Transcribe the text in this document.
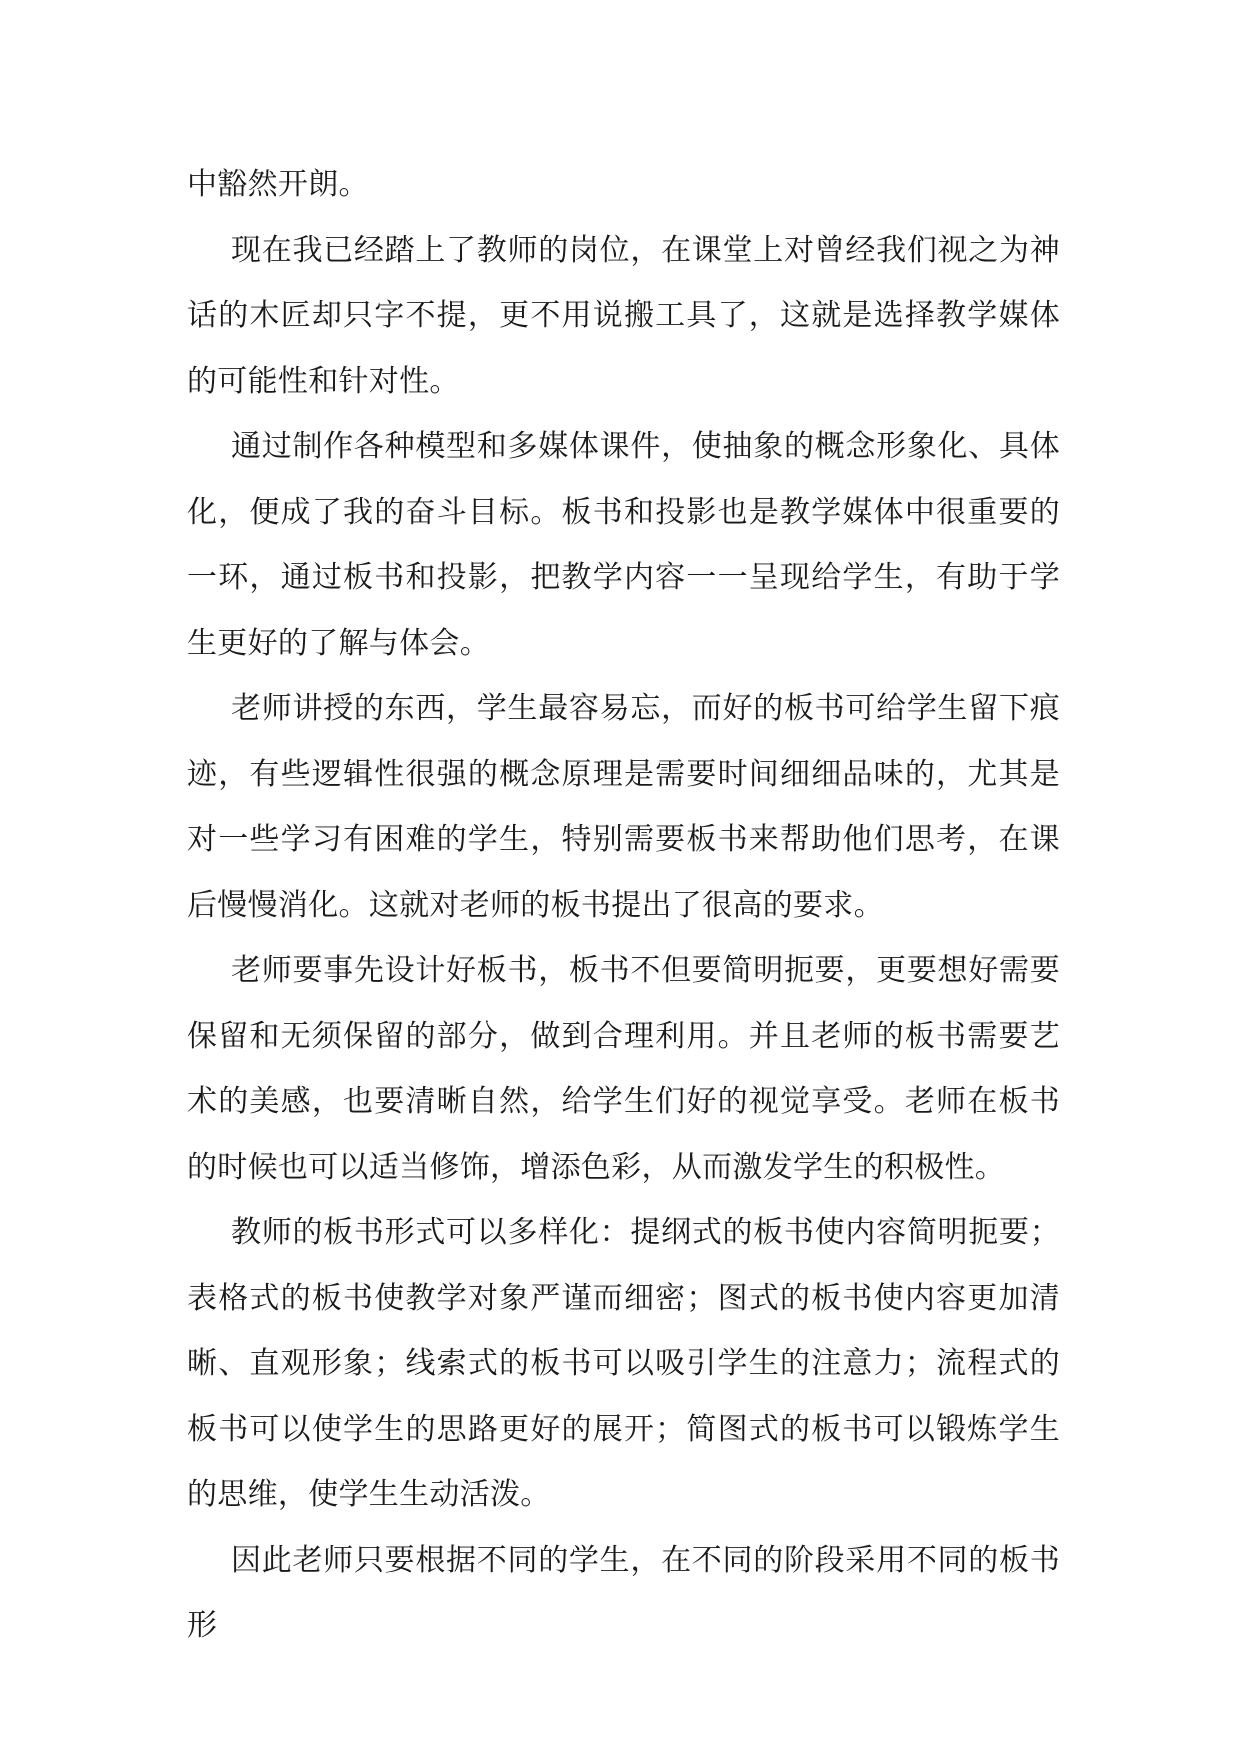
中豁然开朗。

现在我已经踏上了教师的岗位，在课堂上对曾经我们视之为神话的木匠却只字不提，更不用说搬工具了，这就是选择教学媒体的可能性和针对性。

通过制作各种模型和多媒体课件，使抽象的概念形象化、具体化，便成了我的奋斗目标。板书和投影也是教学媒体中很重要的一环，通过板书和投影，把教学内容一一呈现给学生，有助于学生更好的了解与体会。

老师讲授的东西，学生最容易忘，而好的板书可给学生留下痕迹，有些逻辑性很强的概念原理是需要时间细细品味的，尤其是对一些学习有困难的学生，特别需要板书来帮助他们思考，在课后慢慢消化。这就对老师的板书提出了很高的要求。

老师要事先设计好板书，板书不但要简明扼要，更要想好需要保留和无须保留的部分，做到合理利用。并且老师的板书需要艺术的美感，也要清晰自然，给学生们好的视觉享受。老师在板书的时候也可以适当修饰，增添色彩，从而激发学生的积极性。

教师的板书形式可以多样化：提纲式的板书使内容简明扼要；表格式的板书使教学对象严谨而细密；图式的板书使内容更加清晰、直观形象；线索式的板书可以吸引学生的注意力；流程式的板书可以使学生的思路更好的展开；简图式的板书可以锻炼学生的思维，使学生生动活泼。

因此老师只要根据不同的学生，在不同的阶段采用不同的板书形
